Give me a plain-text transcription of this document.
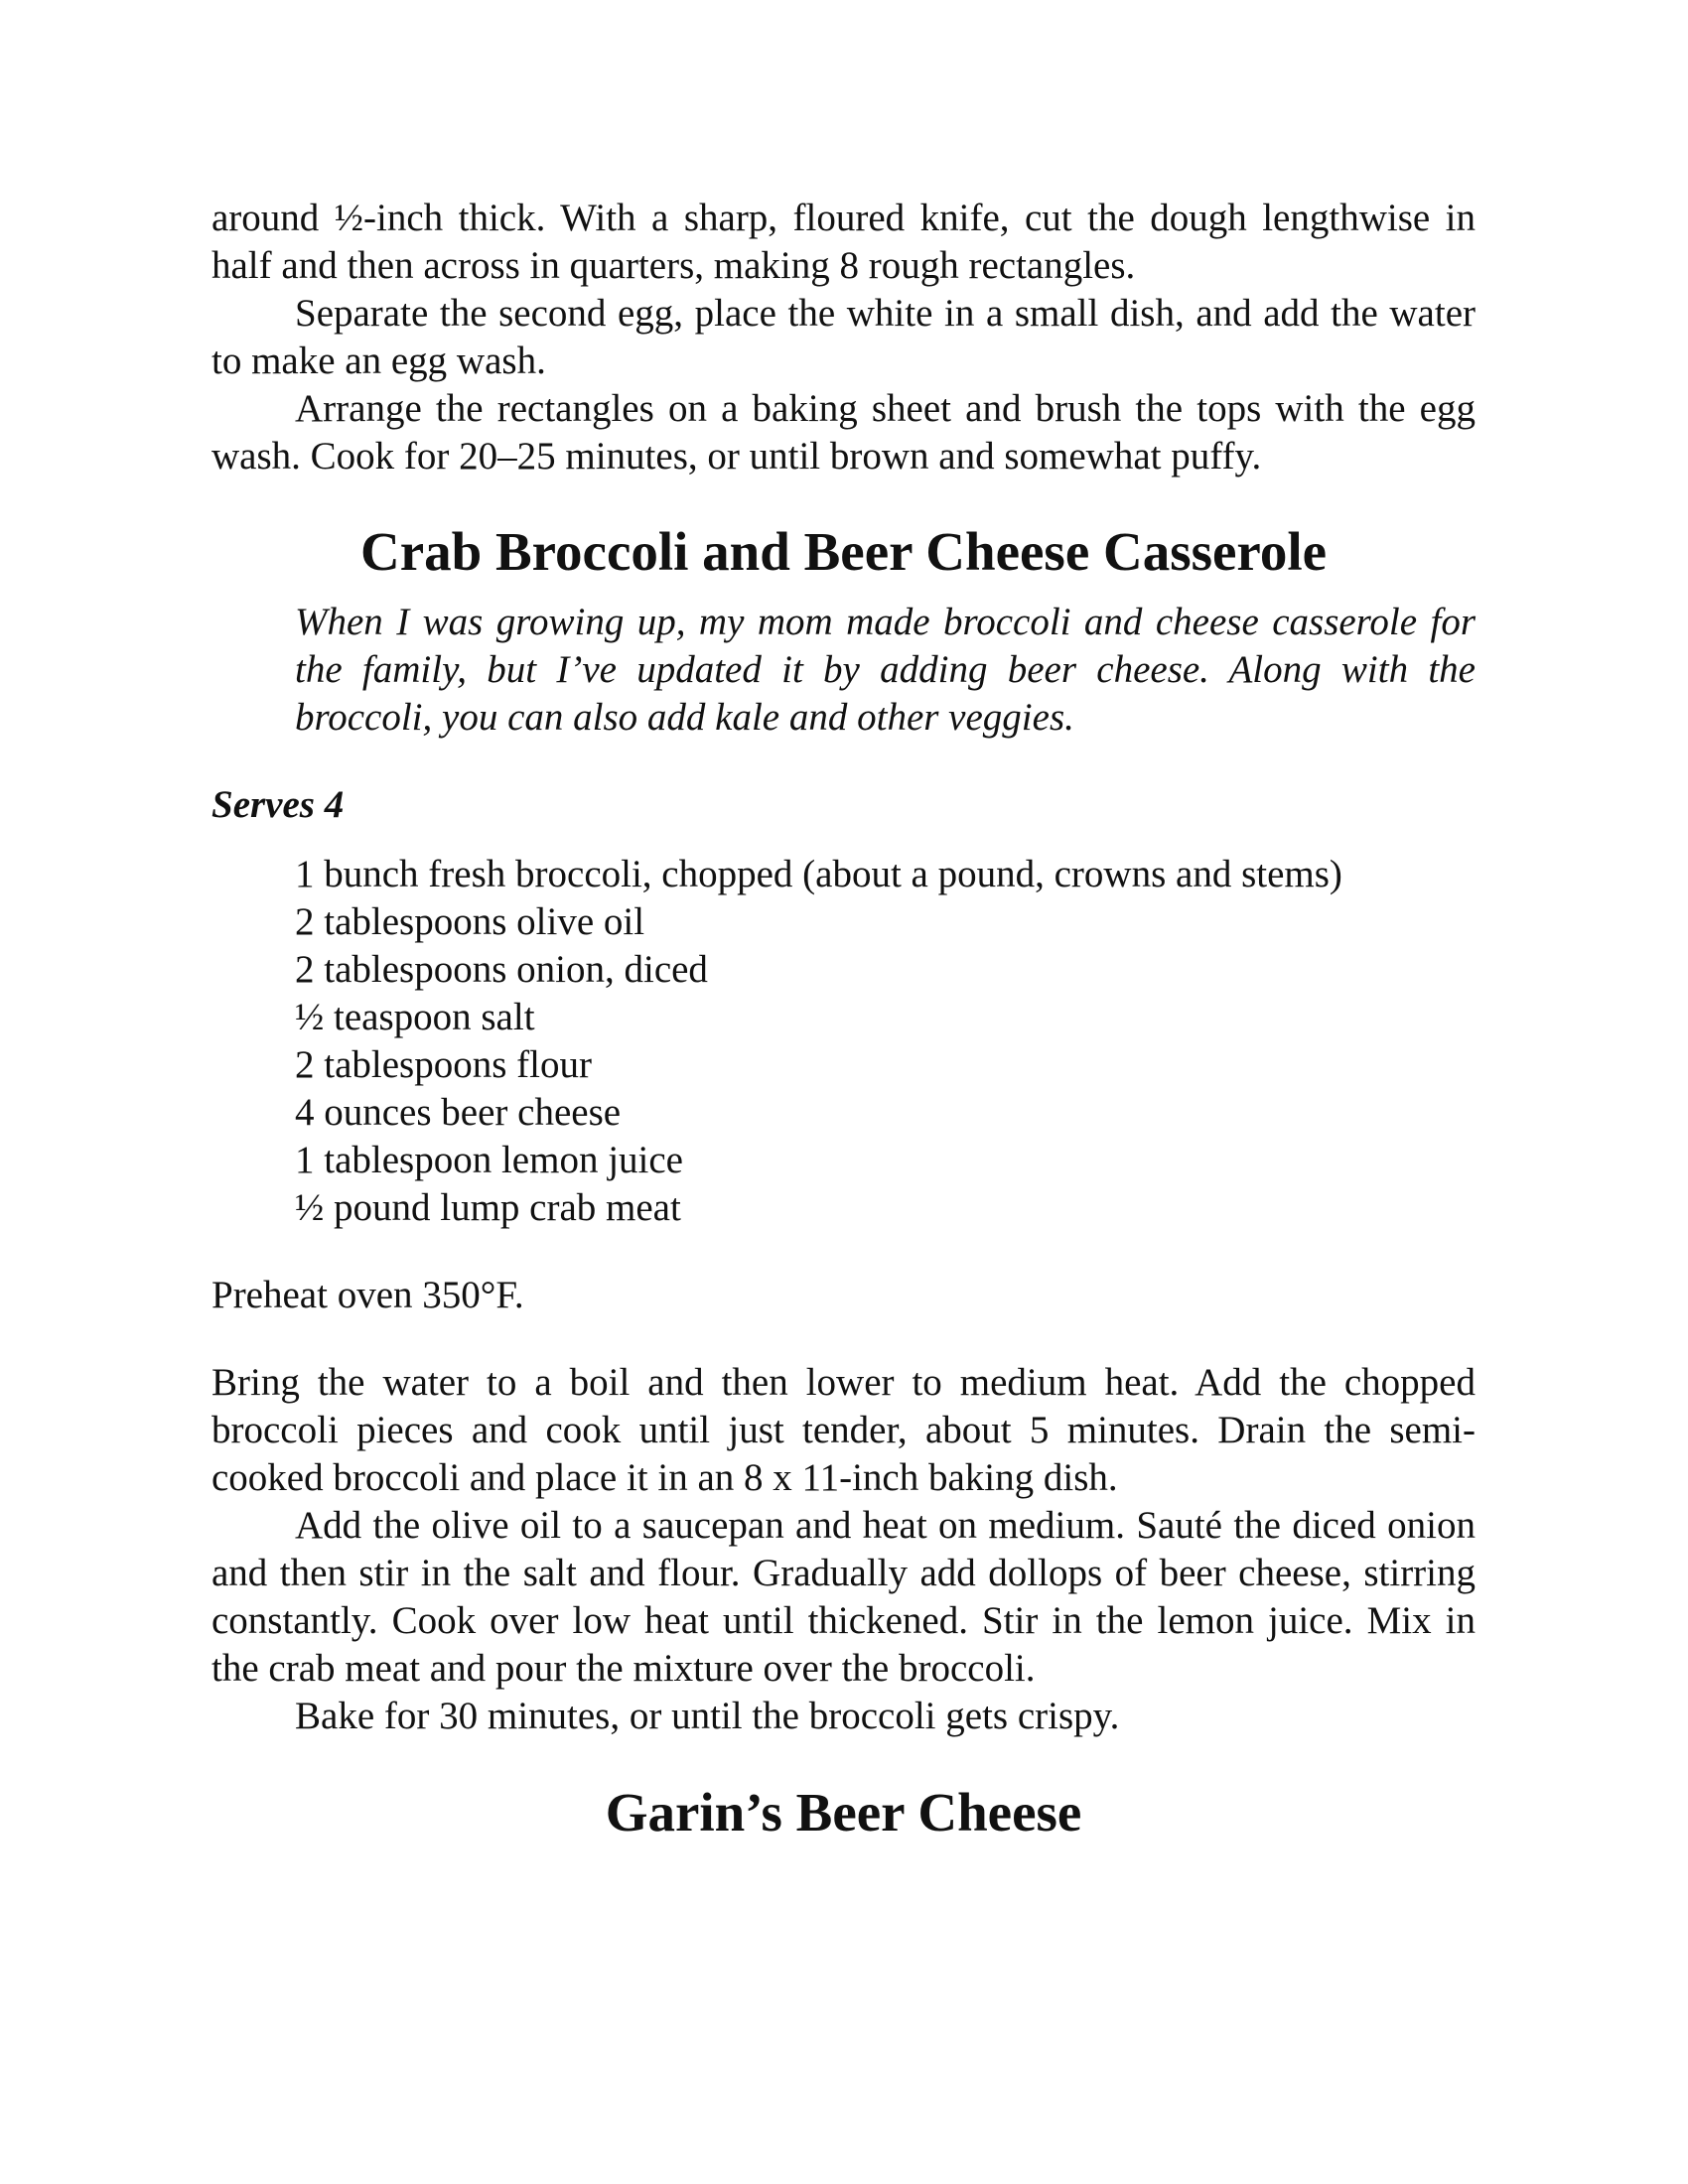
around ½-inch thick. With a sharp, floured knife, cut the dough lengthwise in half and then across in quarters, making 8 rough rectangles.

Separate the second egg, place the white in a small dish, and add the water to make an egg wash.

Arrange the rectangles on a baking sheet and brush the tops with the egg wash. Cook for 20–25 minutes, or until brown and somewhat puffy.

Crab Broccoli and Beer Cheese Casserole

When I was growing up, my mom made broccoli and cheese casserole for the family, but I’ve updated it by adding beer cheese. Along with the broccoli, you can also add kale and other veggies.

Serves 4

1 bunch fresh broccoli, chopped (about a pound, crowns and stems)
2 tablespoons olive oil
2 tablespoons onion, diced
½ teaspoon salt
2 tablespoons flour
4 ounces beer cheese
1 tablespoon lemon juice
½ pound lump crab meat

Preheat oven 350°F.

Bring the water to a boil and then lower to medium heat. Add the chopped broccoli pieces and cook until just tender, about 5 minutes. Drain the semi-cooked broccoli and place it in an 8 x 11-inch baking dish.

Add the olive oil to a saucepan and heat on medium. Sauté the diced onion and then stir in the salt and flour. Gradually add dollops of beer cheese, stirring constantly. Cook over low heat until thickened. Stir in the lemon juice. Mix in the crab meat and pour the mixture over the broccoli.

Bake for 30 minutes, or until the broccoli gets crispy.

Garin’s Beer Cheese
